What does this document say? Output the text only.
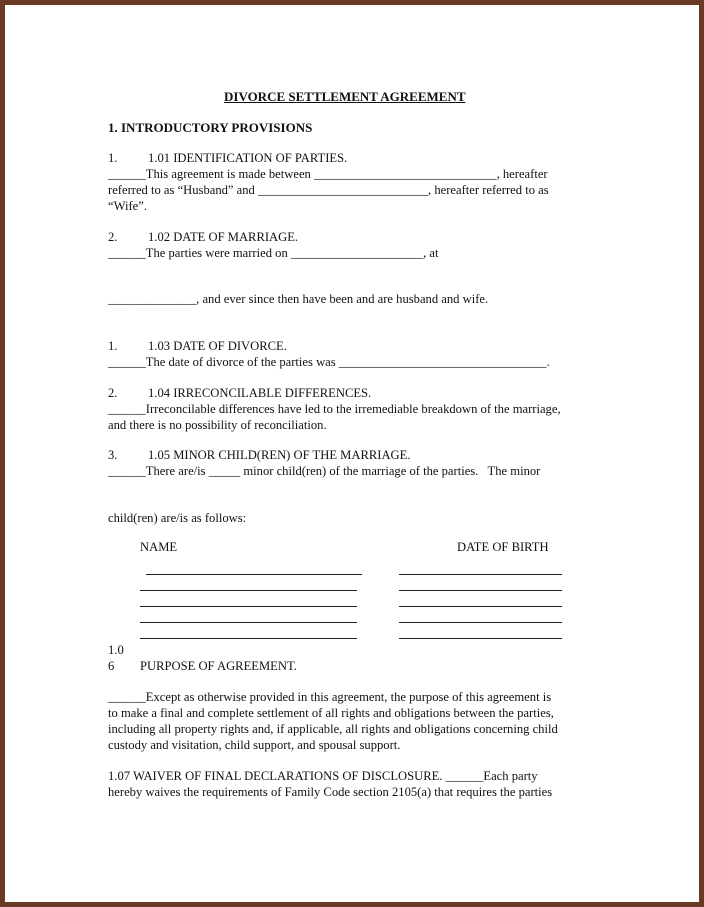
DIVORCE SETTLEMENT AGREEMENT
1. INTRODUCTORY PROVISIONS
1. 1.01 IDENTIFICATION OF PARTIES.
______This agreement is made between _____________________________, hereafter
referred to as “Husband” and ___________________________, hereafter referred to as
“Wife”.
2. 1.02 DATE OF MARRIAGE.
______The parties were married on _____________________, at
______________, and ever since then have been and are husband and wife.
1. 1.03 DATE OF DIVORCE.
______The date of divorce of the parties was _________________________________.
2. 1.04 IRRECONCILABLE DIFFERENCES.
______Irreconcilable differences have led to the irremediable breakdown of the marriage,
and there is no possibility of reconciliation.
3. 1.05 MINOR CHILD(REN) OF THE MARRIAGE.
______There are/is _____ minor child(ren) of the marriage of the parties.   The minor
child(ren) are/is as follows:
NAME	DATE OF BIRTH
1.0
6 PURPOSE OF AGREEMENT.
______Except as otherwise provided in this agreement, the purpose of this agreement is
to make a final and complete settlement of all rights and obligations between the parties,
including all property rights and, if applicable, all rights and obligations concerning child
custody and visitation, child support, and spousal support.
1.07 WAIVER OF FINAL DECLARATIONS OF DISCLOSURE. ______Each party
hereby waives the requirements of Family Code section 2105(a) that requires the parties
